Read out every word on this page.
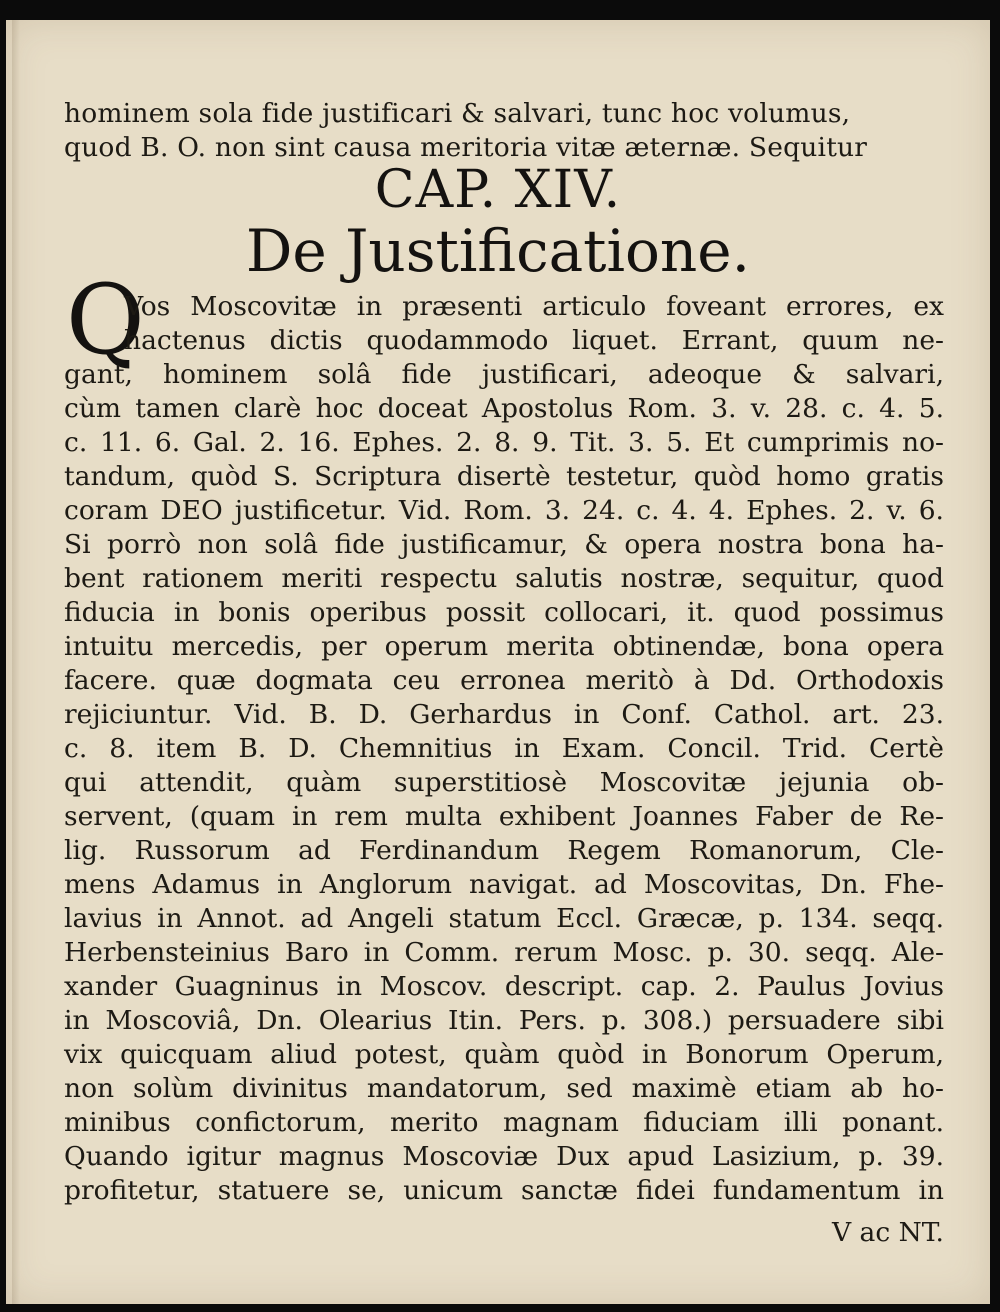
hominem sola fide justificari & salvari, tunc hoc volumus,
quod B. O. non sint causa meritoria vitæ æternæ. Sequitur
CAP. XIV.
De Justificatione.
Q
Vos Moscovitæ in præsenti articulo foveant errores, ex
hactenus dictis quodammodo liquet. Errant, quum ne-
gant, hominem solâ fide justificari, adeoque & salvari,
cùm tamen clarè hoc doceat Apostolus Rom. 3. v. 28. c. 4. 5.
c. 11. 6. Gal. 2. 16. Ephes. 2. 8. 9. Tit. 3. 5. Et cumprimis no-
tandum, quòd S. Scriptura disertè testetur, quòd homo gratis
coram DEO justificetur. Vid. Rom. 3. 24. c. 4. 4. Ephes. 2. v. 6.
Si porrò non solâ fide justificamur, & opera nostra bona ha-
bent rationem meriti respectu salutis nostræ, sequitur, quod
fiducia in bonis operibus possit collocari, it. quod possimus
intuitu mercedis, per operum merita obtinendæ, bona opera
facere. quæ dogmata ceu erronea meritò à Dd. Orthodoxis
rejiciuntur. Vid. B. D. Gerhardus in Conf. Cathol. art. 23.
c. 8. item B. D. Chemnitius in Exam. Concil. Trid. Certè
qui attendit, quàm superstitiosè Moscovitæ jejunia ob-
servent, (quam in rem multa exhibent Joannes Faber de Re-
lig. Russorum ad Ferdinandum Regem Romanorum, Cle-
mens Adamus in Anglorum navigat. ad Moscovitas, Dn. Fhe-
lavius in Annot. ad Angeli statum Eccl. Græcæ, p. 134. seqq.
Herbensteinius Baro in Comm. rerum Mosc. p. 30. seqq. Ale-
xander Guagninus in Moscov. descript. cap. 2. Paulus Jovius
in Moscoviâ, Dn. Olearius Itin. Pers. p. 308.) persuadere sibi
vix quicquam aliud potest, quàm quòd in Bonorum Operum,
non solùm divinitus mandatorum, sed maximè etiam ab ho-
minibus confictorum, merito magnam fiduciam illi ponant.
Quando igitur magnus Moscoviæ Dux apud Lasizium, p. 39.
profitetur, statuere se, unicum sanctæ fidei fundamentum in
V ac NT.
